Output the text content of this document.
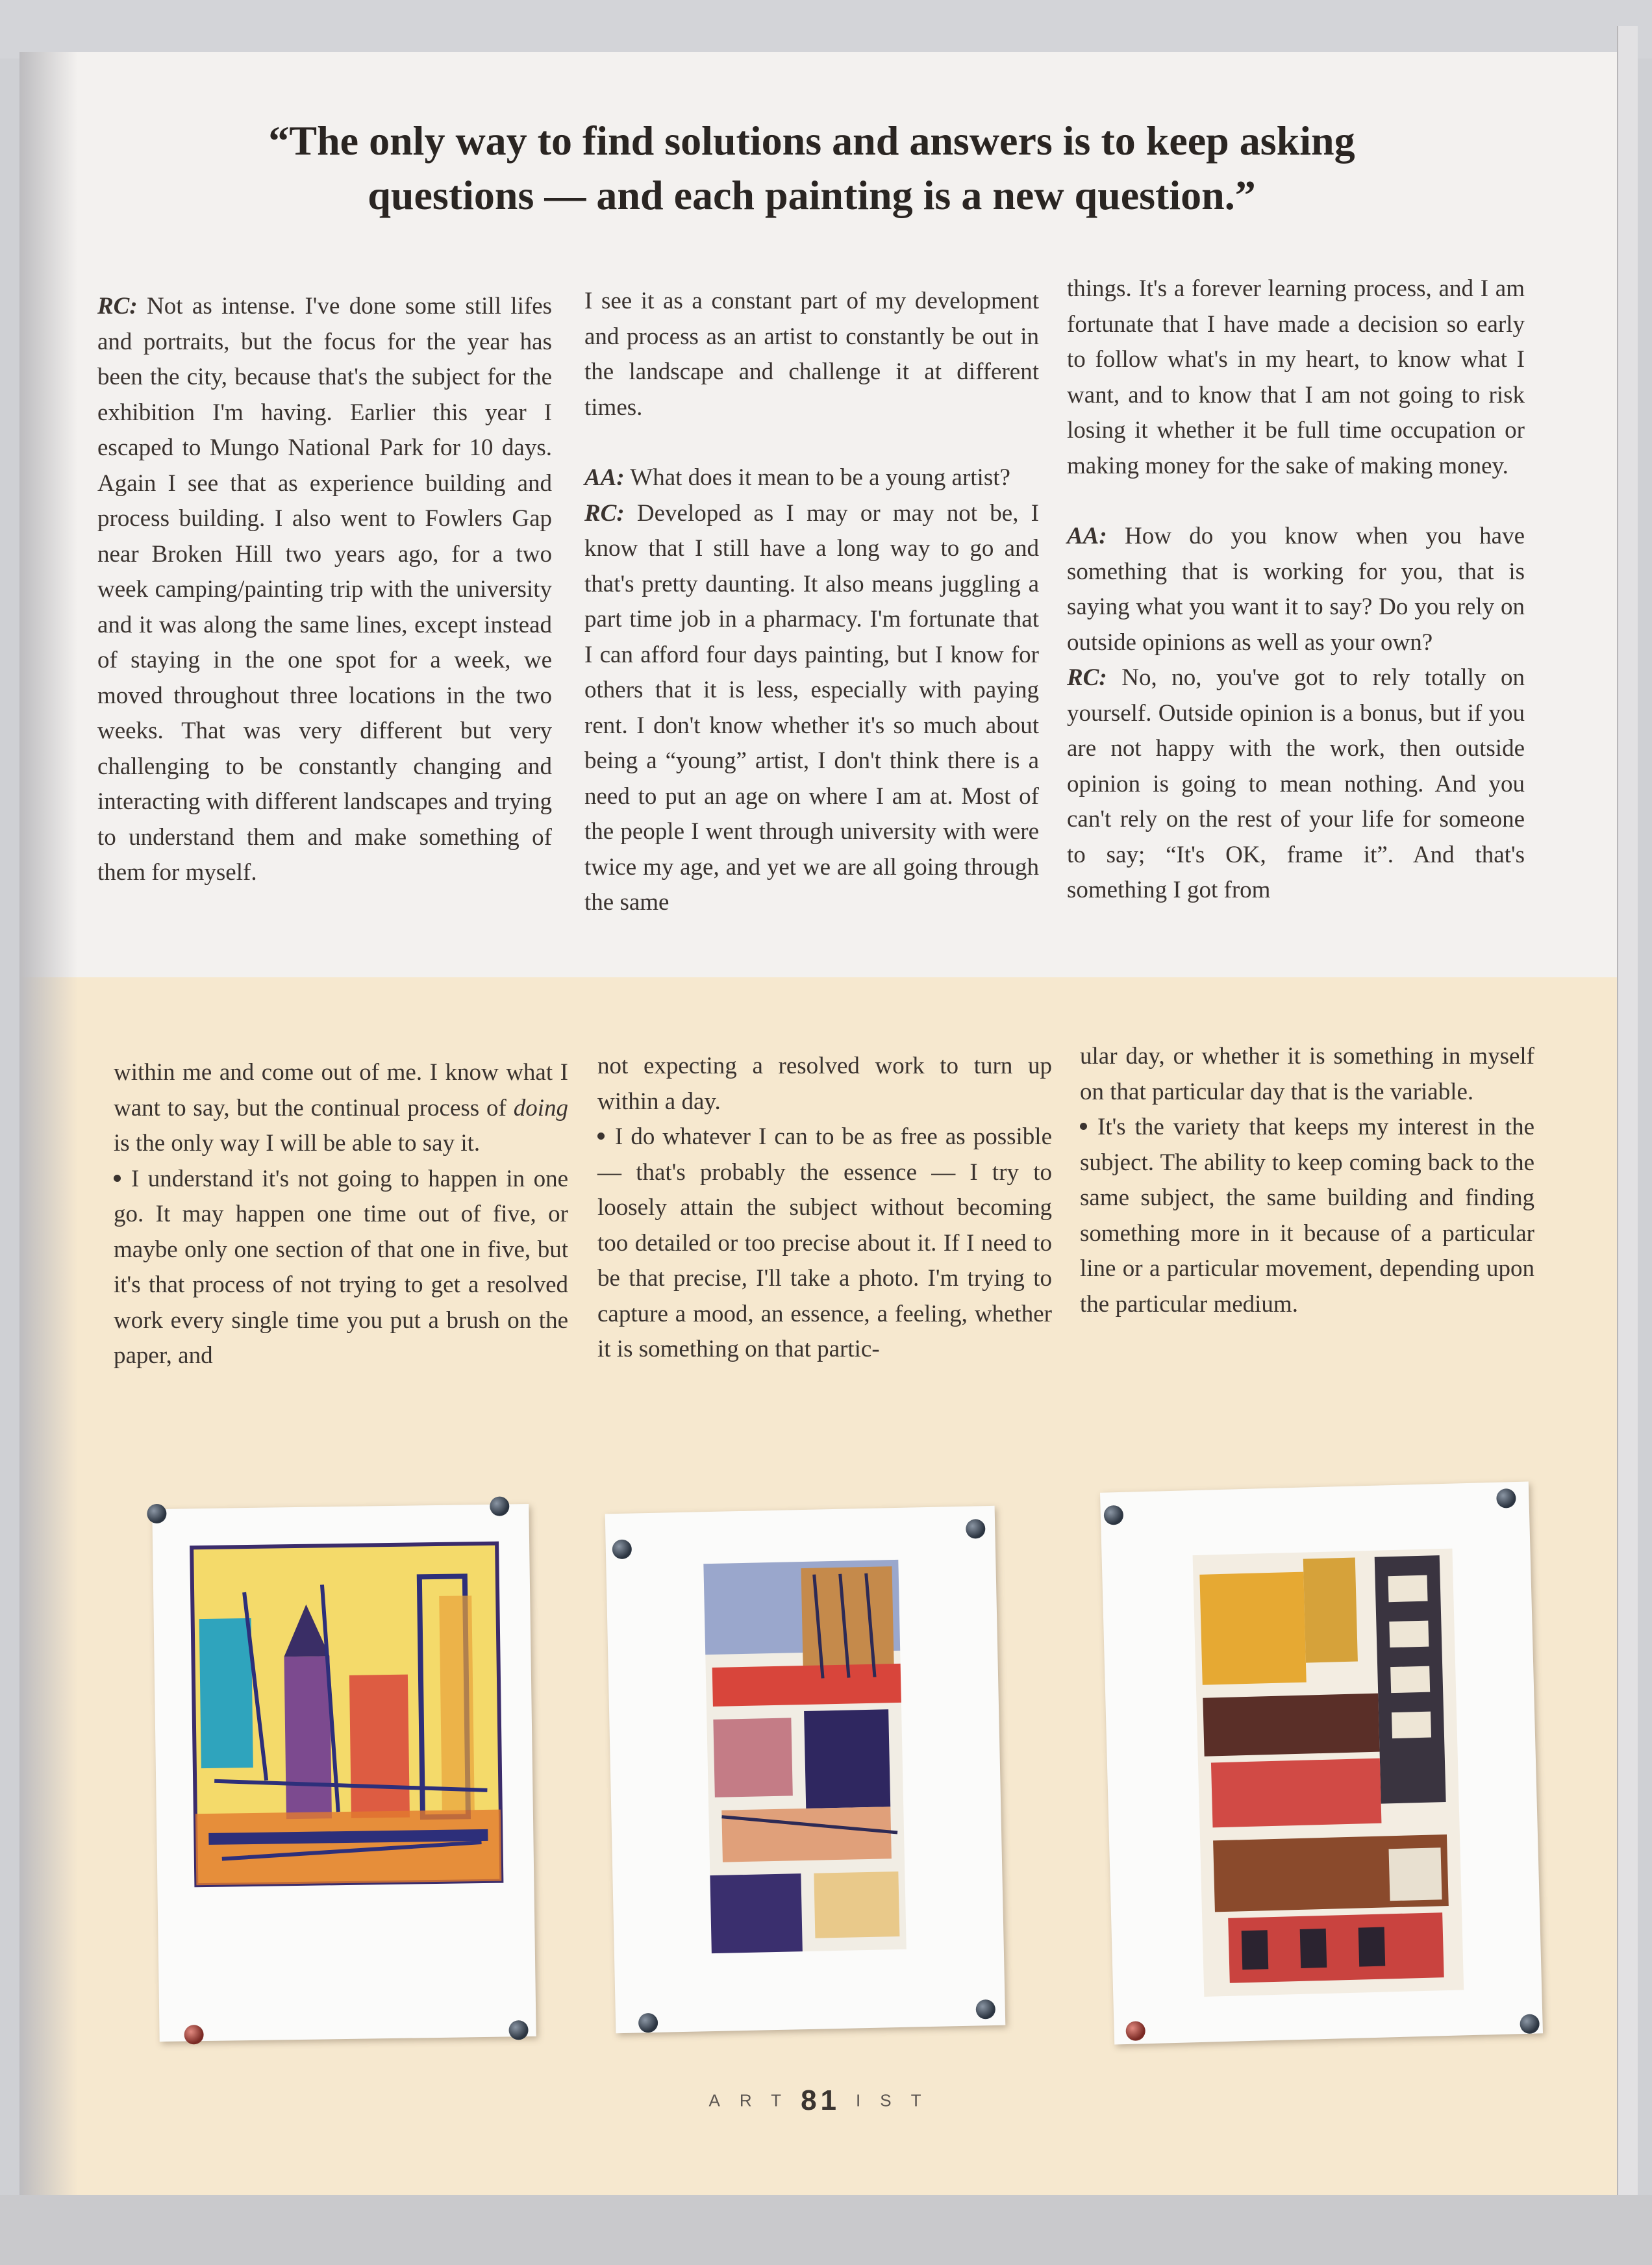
“The only way to find solutions and answers is to keep asking
questions — and each painting is a new question.”

RC: Not as intense. I've done some still lifes and portraits, but the focus for the year has been the city, because that's the subject for the exhibition I'm having. Earlier this year I escaped to Mungo National Park for 10 days. Again I see that as experience building and process building. I also went to Fowlers Gap near Broken Hill two years ago, for a two week camping/painting trip with the university and it was along the same lines, except instead of staying in the one spot for a week, we moved throughout three locations in the two weeks. That was very different but very challenging to be constantly changing and interacting with different landscapes and trying to understand them and make something of them for myself.

I see it as a constant part of my development and process as an artist to constantly be out in the landscape and challenge it at different times.

AA: What does it mean to be a young artist?

RC: Developed as I may or may not be, I know that I still have a long way to go and that's pretty daunting. It also means juggling a part time job in a pharmacy. I'm fortunate that I can afford four days painting, but I know for others that it is less, especially with paying rent. I don't know whether it's so much about being a “young” artist, I don't think there is a need to put an age on where I am at. Most of the people I went through university with were twice my age, and yet we are all going through the same

things. It's a forever learning process, and I am fortunate that I have made a decision so early to follow what's in my heart, to know what I want, and to know that I am not going to risk losing it whether it be full time occupation or making money for the sake of making money.

AA: How do you know when you have something that is working for you, that is saying what you want it to say? Do you rely on outside opinions as well as your own?

RC: No, no, you've got to rely totally on yourself. Outside opinion is a bonus, but if you are not happy with the work, then outside opinion is going to mean nothing. And you can't rely on the rest of your life for someone to say; “It's OK, frame it”. And that's something I got from

within me and come out of me. I know what I want to say, but the continual process of doing is the only way I will be able to say it.

I understand it's not going to happen in one go. It may happen one time out of five, or maybe only one section of that one in five, but it's that process of not trying to get a resolved work every single time you put a brush on the paper, and

not expecting a resolved work to turn up within a day.

I do whatever I can to be as free as possible — that's probably the essence — I try to loosely attain the subject without becoming too detailed or too precise about it. If I need to be that precise, I'll take a photo. I'm trying to capture a mood, an essence, a feeling, whether it is something on that partic-

ular day, or whether it is something in myself on that particular day that is the variable.

It's the variety that keeps my interest in the subject. The ability to keep coming back to the same subject, the same building and finding something more in it because of a particular line or a particular movement, depending upon the particular medium.

ART81 IST
